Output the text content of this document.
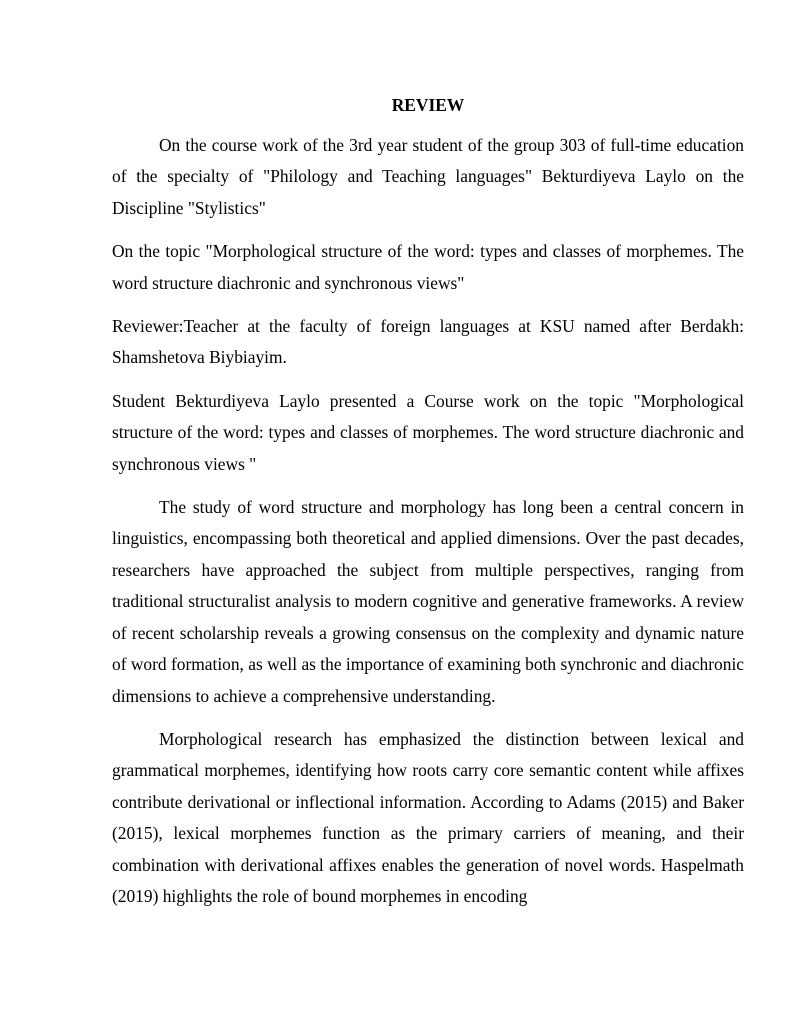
REVIEW

On the course work of the 3rd year student of the group 303 of full-time education of the specialty of "Philology and Teaching languages" Bekturdiyeva Laylo on the Discipline "Stylistics"

On the topic "Morphological structure of the word: types and classes of morphemes. The word structure diachronic and synchronous views"

Reviewer:Teacher at the faculty of foreign languages at KSU named after Berdakh: Shamshetova Biybiayim.

Student Bekturdiyeva Laylo presented a Course work on the topic "Morphological structure of the word: types and classes of morphemes. The word structure diachronic and synchronous views "

The study of word structure and morphology has long been a central concern in linguistics, encompassing both theoretical and applied dimensions. Over the past decades, researchers have approached the subject from multiple perspectives, ranging from traditional structuralist analysis to modern cognitive and generative frameworks. A review of recent scholarship reveals a growing consensus on the complexity and dynamic nature of word formation, as well as the importance of examining both synchronic and diachronic dimensions to achieve a comprehensive understanding.

Morphological research has emphasized the distinction between lexical and grammatical morphemes, identifying how roots carry core semantic content while affixes contribute derivational or inflectional information. According to Adams (2015) and Baker (2015), lexical morphemes function as the primary carriers of meaning, and their combination with derivational affixes enables the generation of novel words. Haspelmath (2019) highlights the role of bound morphemes in encoding
